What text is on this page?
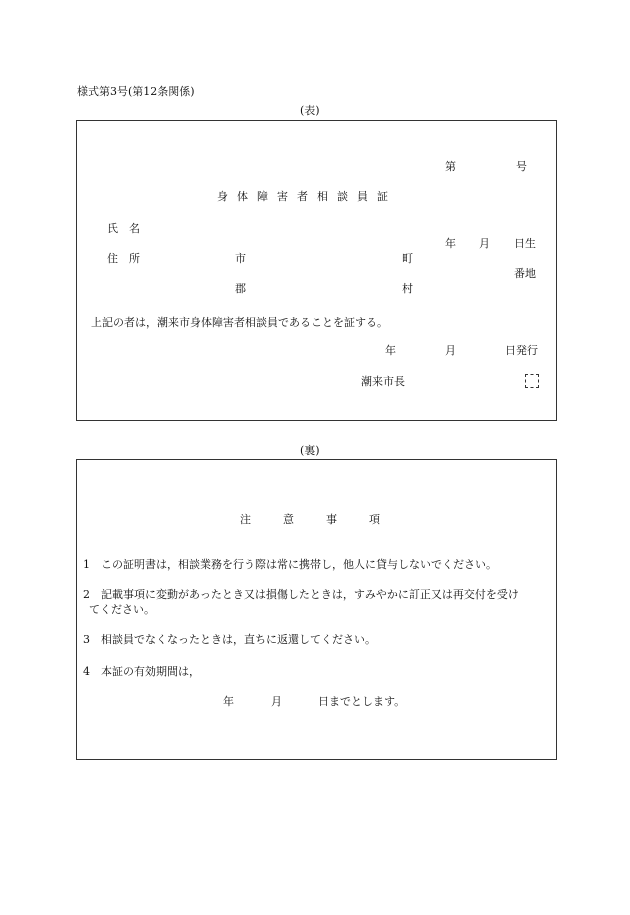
様式第3号(第12条関係)
(表)
第	号
身体障害者相談員証
氏　名
年 月 日生
住　所	市	町
番地
郡	村
上記の者は，潮来市身体障害者相談員であることを証する。
年	月	日発行
潮来市長
(裏)
注意事項
1　この証明書は，相談業務を行う際は常に携帯し，他人に貸与しないでください。
2　記載事項に変動があったとき又は損傷したときは，すみやかに訂正又は再交付を受け
てください。
3　相談員でなくなったときは，直ちに返還してください。
4　本証の有効期間は，
年	月	日までとします。
